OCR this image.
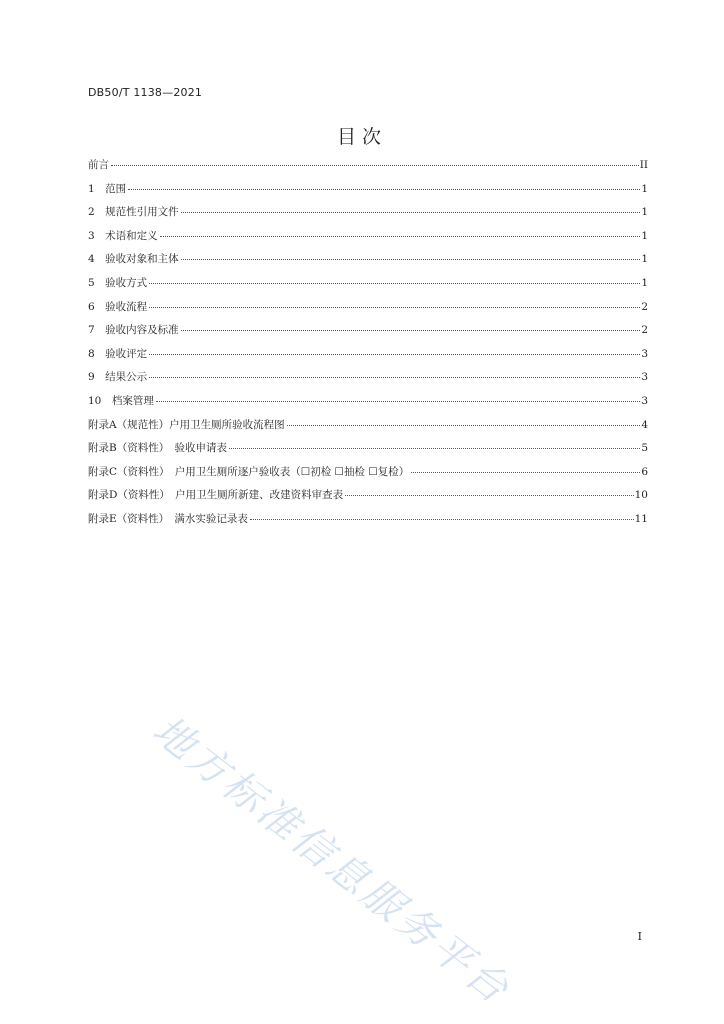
DB50/T 1138—2021
目次
前言	II
1　范围	1
2　规范性引用文件	1
3　术语和定义	1
4　验收对象和主体	1
5　验收方式	1
6　验收流程	2
7　验收内容及标准	2
8　验收评定	3
9　结果公示	3
10　档案管理	3
附录A（规范性）户用卫生厕所验收流程图	4
附录B（资料性）　验收申请表	5
附录C（资料性）　户用卫生厕所逐户验收表（☐初检 ☐抽检 ☐复检）	6
附录D（资料性）　户用卫生厕所新建、改建资料审查表	10
附录E（资料性）　满水实验记录表	11
地方标准信息服务平台	I
